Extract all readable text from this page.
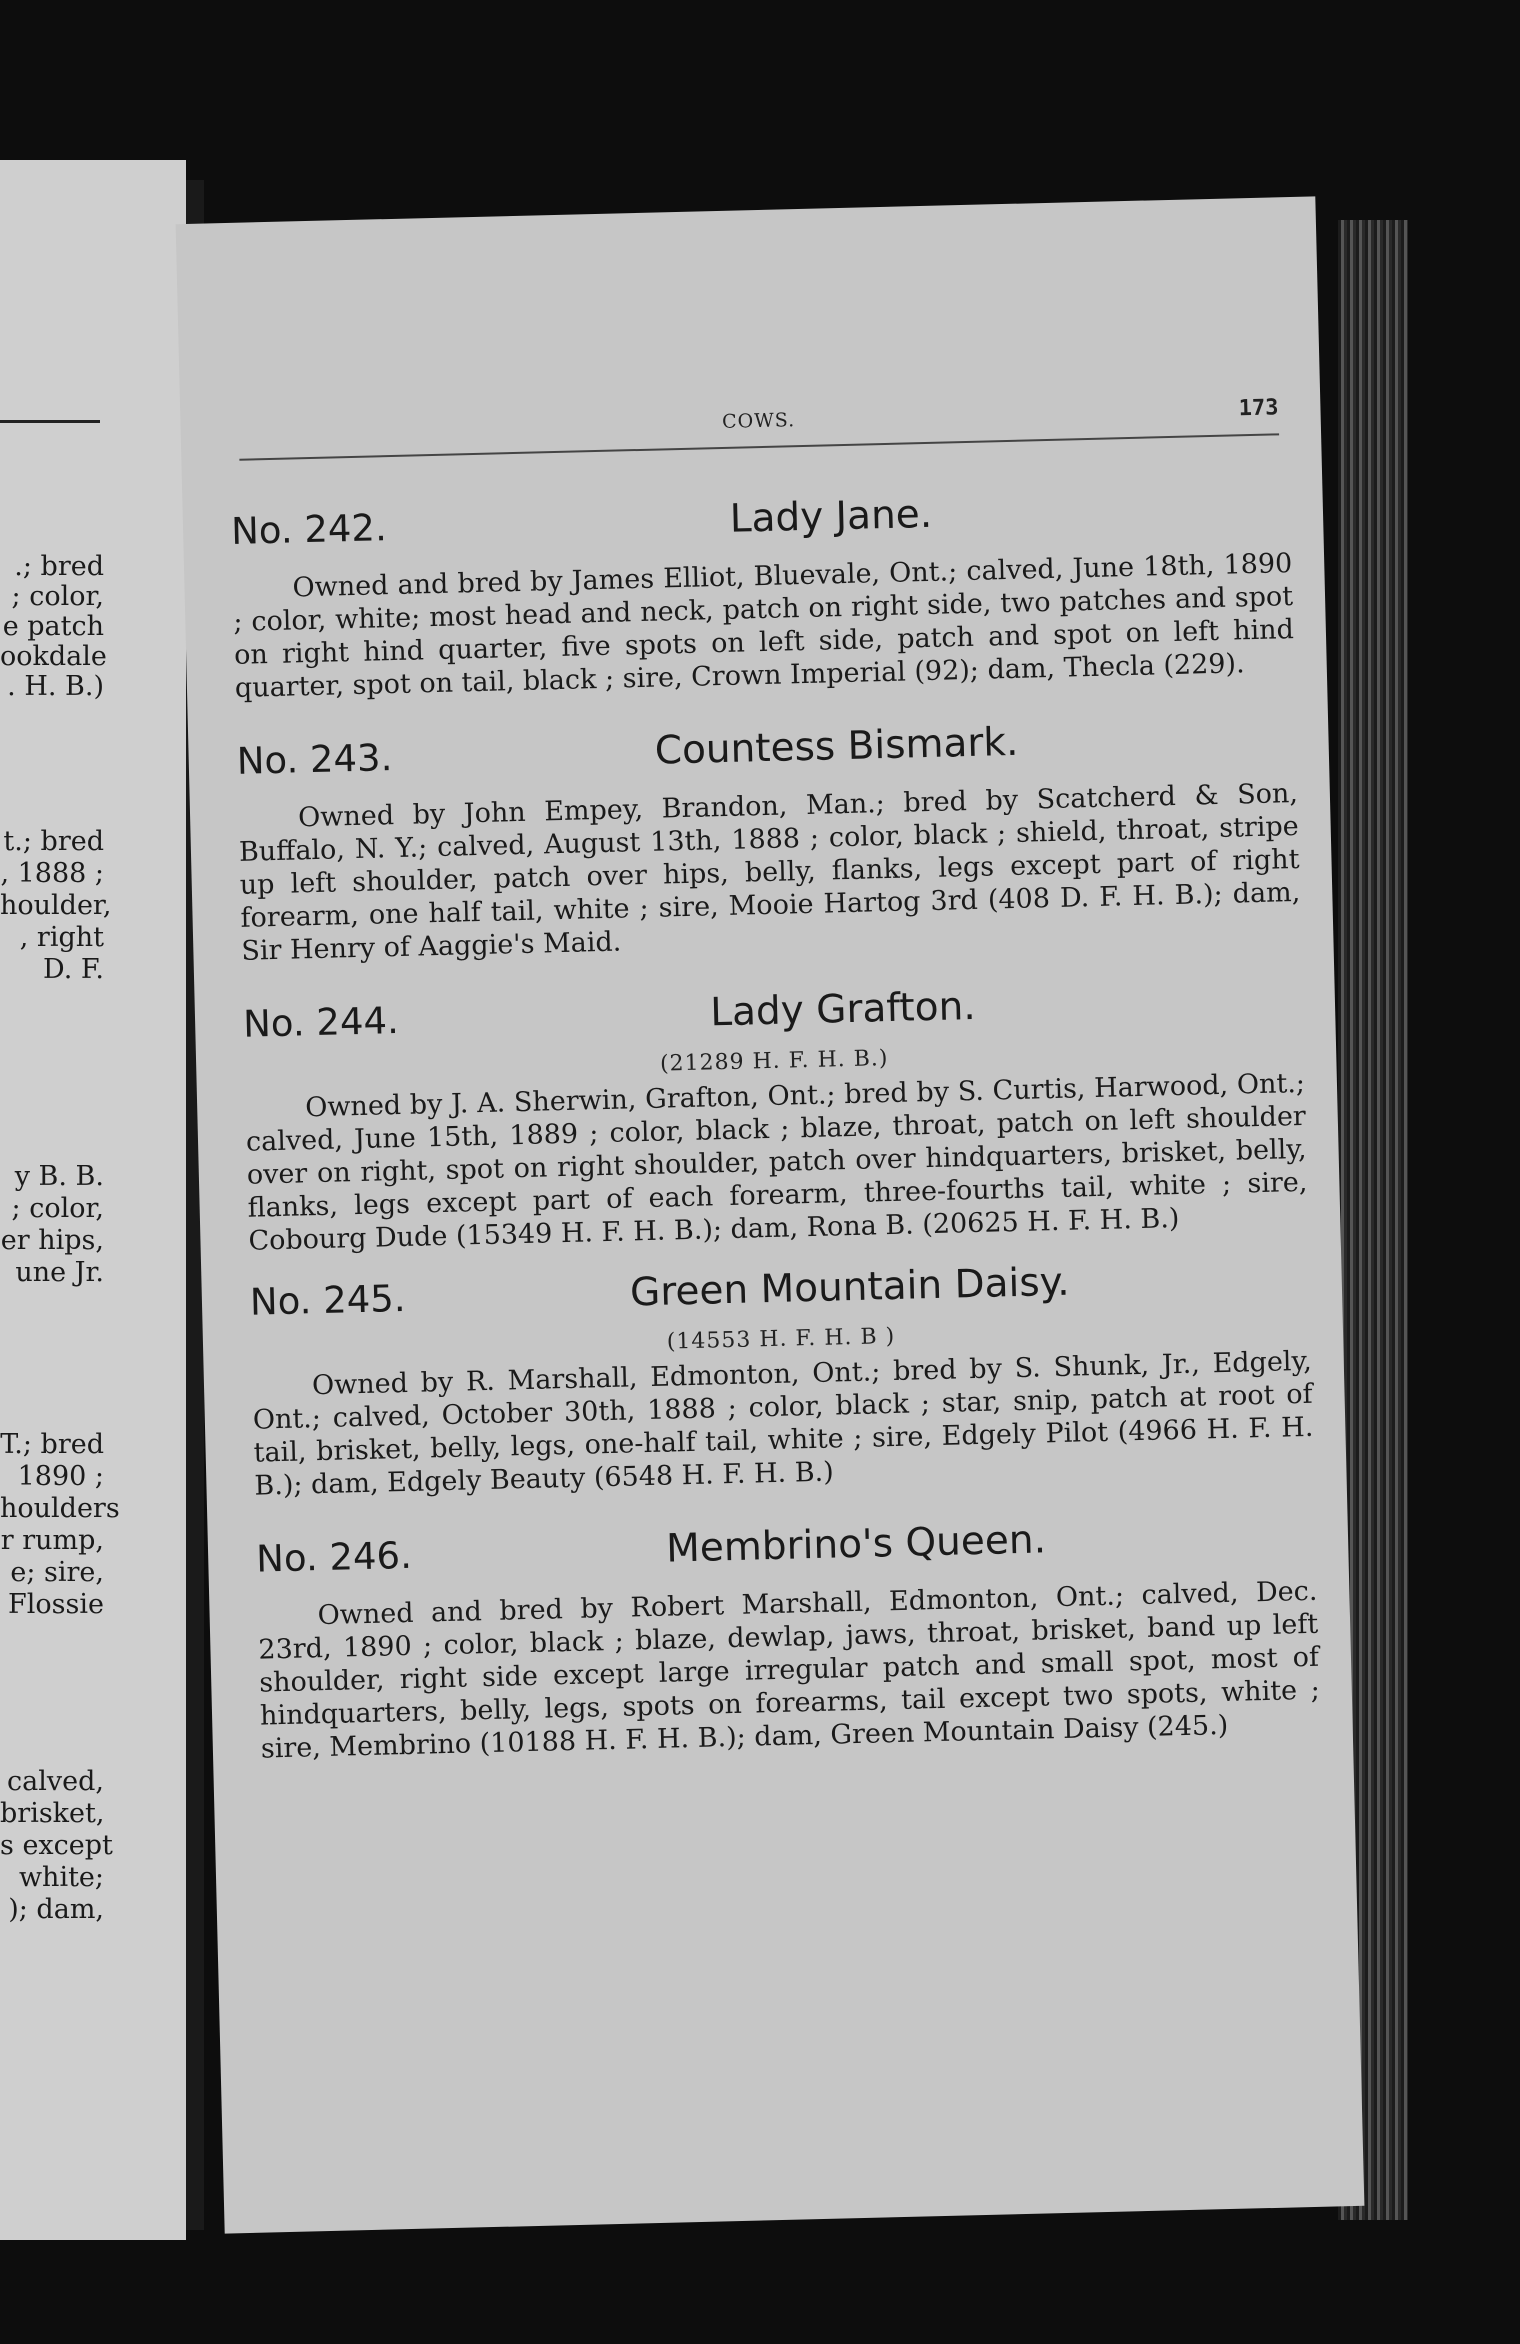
.; bred
; color,
e patch
ookdale
. H. B.)
t.; bred
, 1888 ;
houlder,
, right
D. F.
y B. B.
; color,
er hips,
une Jr.
T.; bred
1890 ;
houlders
r rump,
e; sire,
Flossie
calved,
brisket,
s except
white;
); dam,
COWS.	173
No. 242.	Lady Jane.
Owned and bred by James Elliot, Bluevale, Ont.; calved, June 18th, 1890 ; color, white; most head and neck, patch on right side, two patches and spot on right hind quarter, five spots on left side, patch and spot on left hind quarter, spot on tail, black ; sire, Crown Imperial (92); dam, Thecla (229).
No. 243.	Countess Bismark.
Owned by John Empey, Brandon, Man.; bred by Scatcherd & Son, Buffalo, N. Y.; calved, August 13th, 1888 ; color, black ; shield, throat, stripe up left shoulder, patch over hips, belly, flanks, legs except part of right forearm, one half tail, white ; sire, Mooie Hartog 3rd (408 D. F. H. B.); dam, Sir Henry of Aaggie's Maid.
No. 244.	Lady Grafton.
(21289 H. F. H. B.)
Owned by J. A. Sherwin, Grafton, Ont.; bred by S. Curtis, Harwood, Ont.; calved, June 15th, 1889 ; color, black ; blaze, throat, patch on left shoulder over on right, spot on right shoulder, patch over hindquarters, brisket, belly, flanks, legs except part of each forearm, three-fourths tail, white ; sire, Cobourg Dude (15349 H. F. H. B.); dam, Rona B. (20625 H. F. H. B.)
No. 245.	Green Mountain Daisy.
(14553 H. F. H. B )
Owned by R. Marshall, Edmonton, Ont.; bred by S. Shunk, Jr., Edgely, Ont.; calved, October 30th, 1888 ; color, black ; star, snip, patch at root of tail, brisket, belly, legs, one-half tail, white ; sire, Edgely Pilot (4966 H. F. H. B.); dam, Edgely Beauty (6548 H. F. H. B.)
No. 246.	Membrino's Queen.
Owned and bred by Robert Marshall, Edmonton, Ont.; calved, Dec. 23rd, 1890 ; color, black ; blaze, dewlap, jaws, throat, brisket, band up left shoulder, right side except large irregular patch and small spot, most of hindquarters, belly, legs, spots on forearms, tail except two spots, white ; sire, Membrino (10188 H. F. H. B.); dam, Green Mountain Daisy (245.)
